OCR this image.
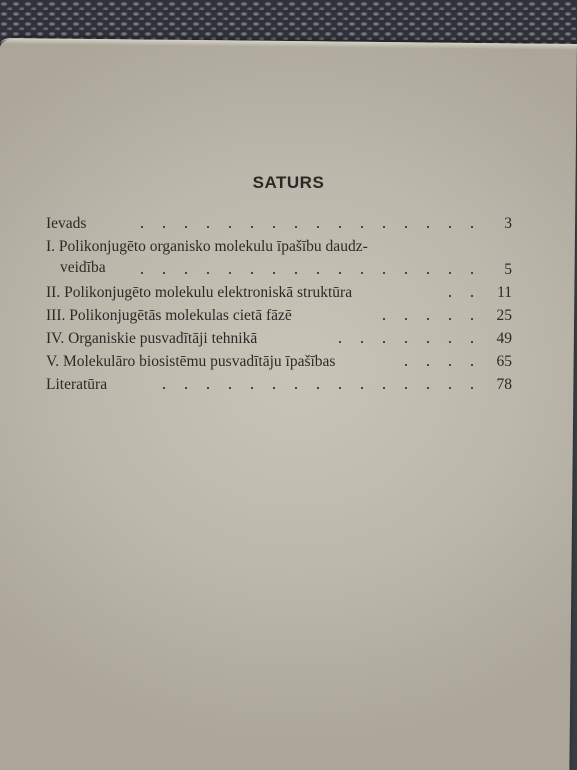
SATURS
Ievads	3
I. Polikonjugēto organisko molekulu īpašību daudz-
veidība	5
II. Polikonjugēto molekulu elektroniskā struktūra	11
III. Polikonjugētās molekulas cietā fāzē	25
IV. Organiskie pusvadītāji tehnikā	49
V. Molekulāro biosistēmu pusvadītāju īpašības	65
Literatūra	78
